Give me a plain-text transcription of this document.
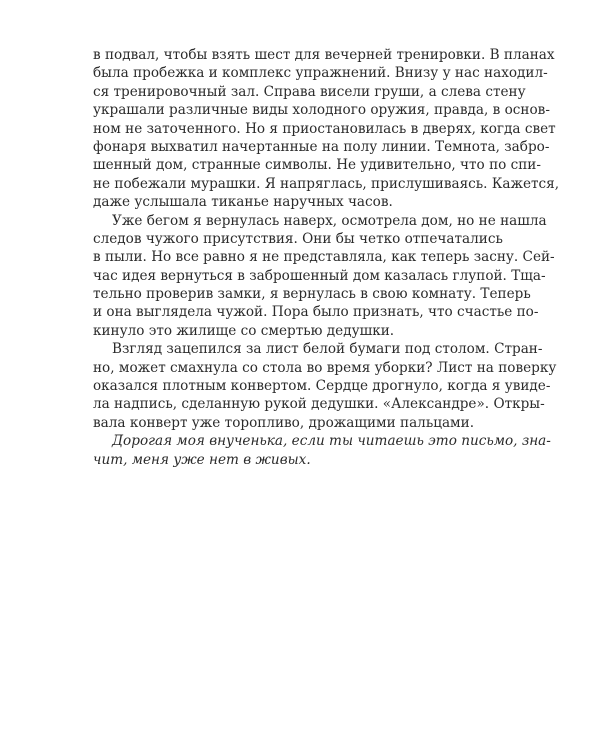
в подвал, чтобы взять шест для вечерней тренировки. В планах
была пробежка и комплекс упражнений. Внизу у нас находил-
ся тренировочный зал. Справа висели груши, а слева стену
украшали различные виды холодного оружия, правда, в основ-
ном не заточенного. Но я приостановилась в дверях, когда свет
фонаря выхватил начертанные на полу линии. Темнота, забро-
шенный дом, странные символы. Не удивительно, что по спи-
не побежали мурашки. Я напряглась, прислушиваясь. Кажется,
даже услышала тиканье наручных часов.
Уже бегом я вернулась наверх, осмотрела дом, но не нашла
следов чужого присутствия. Они бы четко отпечатались
в пыли. Но все равно я не представляла, как теперь засну. Сей-
час идея вернуться в заброшенный дом казалась глупой. Тща-
тельно проверив замки, я вернулась в свою комнату. Теперь
и она выглядела чужой. Пора было признать, что счастье по-
кинуло это жилище со смертью дедушки.
Взгляд зацепился за лист белой бумаги под столом. Стран-
но, может смахнула со стола во время уборки? Лист на поверку
оказался плотным конвертом. Сердце дрогнуло, когда я увиде-
ла надпись, сделанную рукой дедушки. «Александре». Откры-
вала конверт уже торопливо, дрожащими пальцами.
Дорогая моя внученька, если ты читаешь это письмо, зна-
чит, меня уже нет в живых.
